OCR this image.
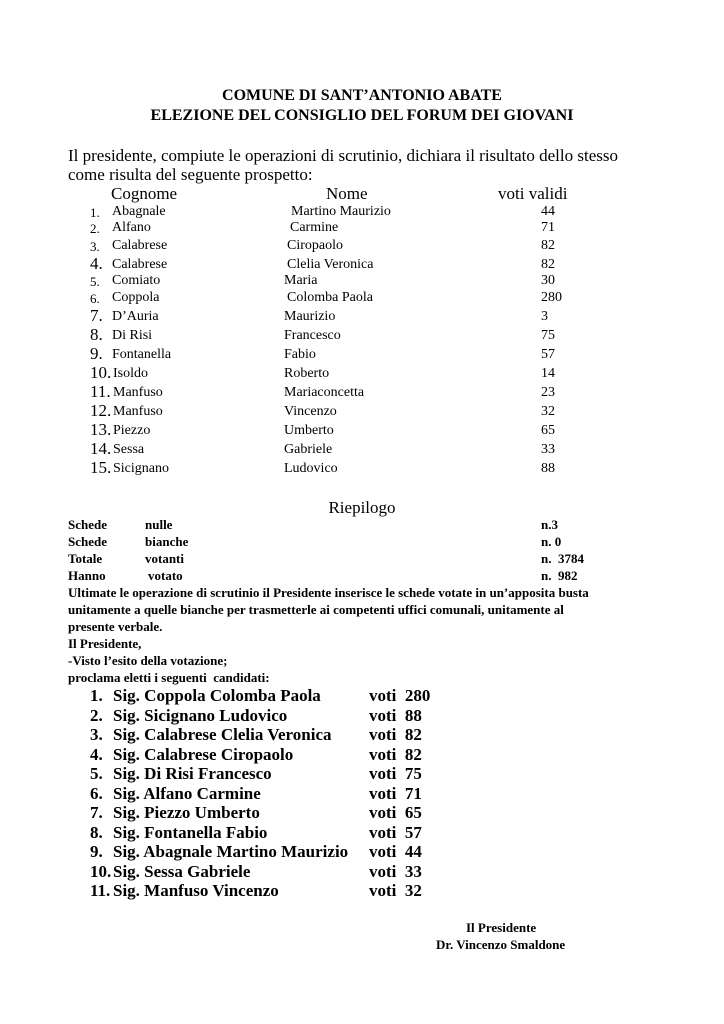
COMUNE DI SANT’ANTONIO ABATE
ELEZIONE DEL CONSIGLIO DEL FORUM DEI GIOVANI
Il presidente, compiute le operazioni di scrutinio, dichiara il risultato dello stesso
come risulta del seguente prospetto:
Cognome	Nome	voti validi
1. Abagnale	Martino Maurizio	44
2. Alfano	Carmine	71
3. Calabrese	Ciropaolo	82
4. Calabrese	Clelia Veronica	82
5. Comiato	Maria	30
6. Coppola	Colomba Paola	280
7. D’Auria	Maurizio	3
8. Di Risi	Francesco	75
9. Fontanella	Fabio	57
10. Isoldo	Roberto	14
11. Manfuso	Mariaconcetta	23
12. Manfuso	Vincenzo	32
13. Piezzo	Umberto	65
14. Sessa	Gabriele	33
15. Sicignano	Ludovico	88
Riepilogo
Schede	nulle	n.3
Schede	bianche	n. 0
Totale	votanti	n.  3784
Hanno	votato	n.  982
Ultimate le operazione di scrutinio il Presidente inserisce le schede votate in un’apposita busta
unitamente a quelle bianche per trasmetterle ai competenti uffici comunali, unitamente al
presente verbale.
Il Presidente,
-Visto l’esito della votazione;
proclama eletti i seguenti  candidati:
1. Sig. Coppola Colomba Paola	voti  280
2. Sig. Sicignano Ludovico	voti  88
3. Sig. Calabrese Clelia Veronica voti  82
4. Sig. Calabrese Ciropaolo	voti  82
5. Sig. Di Risi Francesco	voti  75
6. Sig. Alfano Carmine	voti  71
7. Sig. Piezzo Umberto	voti  65
8. Sig. Fontanella Fabio	voti  57
9. Sig. Abagnale Martino Maurizio voti  44
10. Sig. Sessa Gabriele	voti  33
11. Sig. Manfuso Vincenzo	voti  32
Il Presidente
Dr. Vincenzo Smaldone
